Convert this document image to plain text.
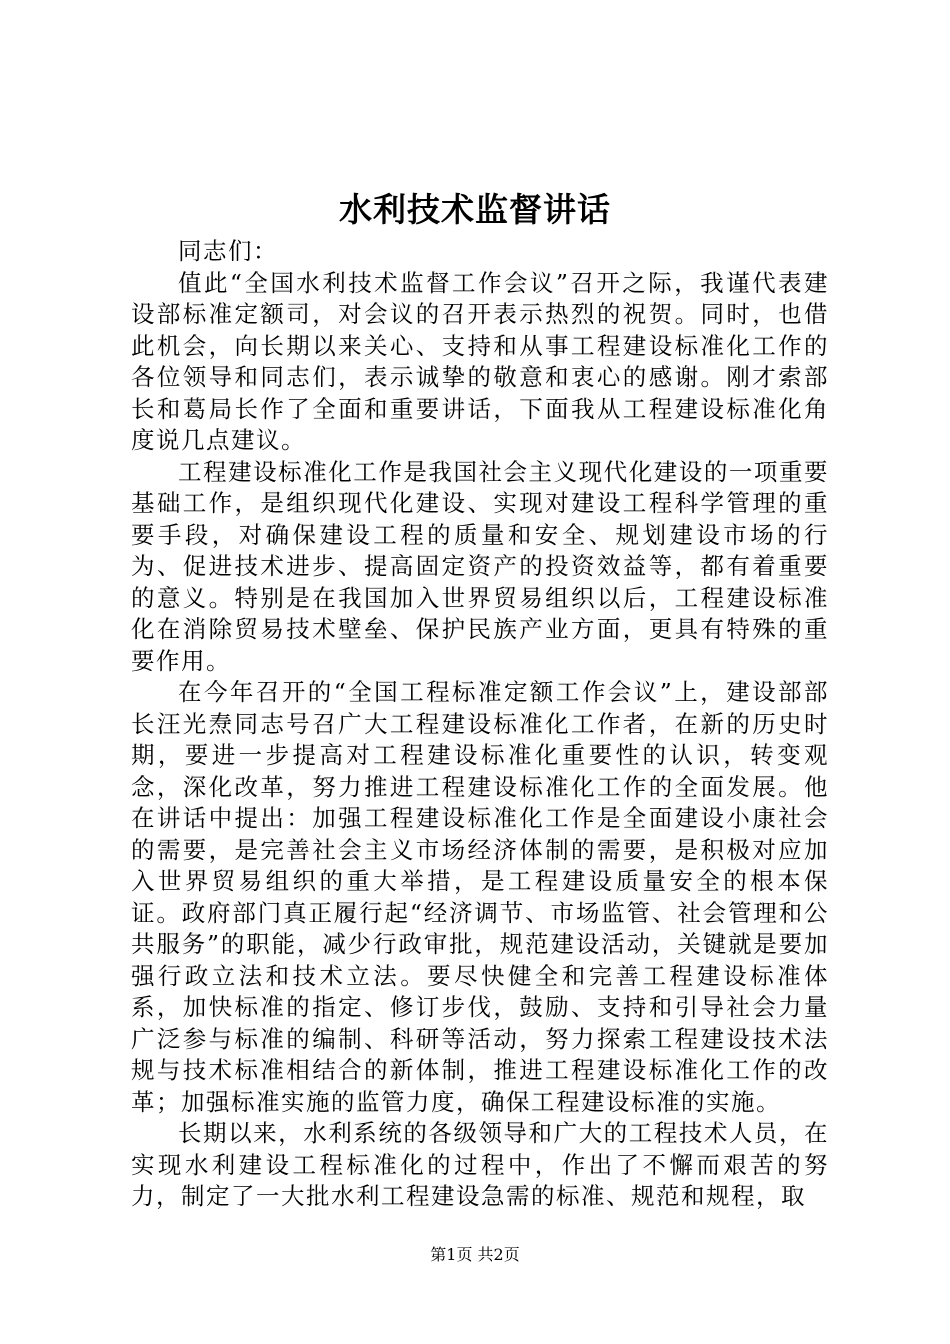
水利技术监督讲话

同志们：

值此“全国水利技术监督工作会议”召开之际，我谨代表建设部标准定额司，对会议的召开表示热烈的祝贺。同时，也借此机会，向长期以来关心、支持和从事工程建设标准化工作的各位领导和同志们，表示诚挚的敬意和衷心的感谢。刚才索部长和葛局长作了全面和重要讲话，下面我从工程建设标准化角度说几点建议。

工程建设标准化工作是我国社会主义现代化建设的一项重要基础工作，是组织现代化建设、实现对建设工程科学管理的重要手段，对确保建设工程的质量和安全、规划建设市场的行为、促进技术进步、提高固定资产的投资效益等，都有着重要的意义。特别是在我国加入世界贸易组织以后，工程建设标准化在消除贸易技术壁垒、保护民族产业方面，更具有特殊的重要作用。

在今年召开的“全国工程标准定额工作会议”上，建设部部长汪光焘同志号召广大工程建设标准化工作者，在新的历史时期，要进一步提高对工程建设标准化重要性的认识，转变观念，深化改革，努力推进工程建设标准化工作的全面发展。他在讲话中提出：加强工程建设标准化工作是全面建设小康社会的需要，是完善社会主义市场经济体制的需要，是积极对应加入世界贸易组织的重大举措，是工程建设质量安全的根本保证。政府部门真正履行起“经济调节、市场监管、社会管理和公共服务”的职能，减少行政审批，规范建设活动，关键就是要加强行政立法和技术立法。要尽快健全和完善工程建设标准体系，加快标准的指定、修订步伐，鼓励、支持和引导社会力量广泛参与标准的编制、科研等活动，努力探索工程建设技术法规与技术标准相结合的新体制，推进工程建设标准化工作的改革；加强标准实施的监管力度，确保工程建设标准的实施。

长期以来，水利系统的各级领导和广大的工程技术人员，在实现水利建设工程标准化的过程中，作出了不懈而艰苦的努力，制定了一大批水利工程建设急需的标准、规范和规程，取

第1页 共2页
